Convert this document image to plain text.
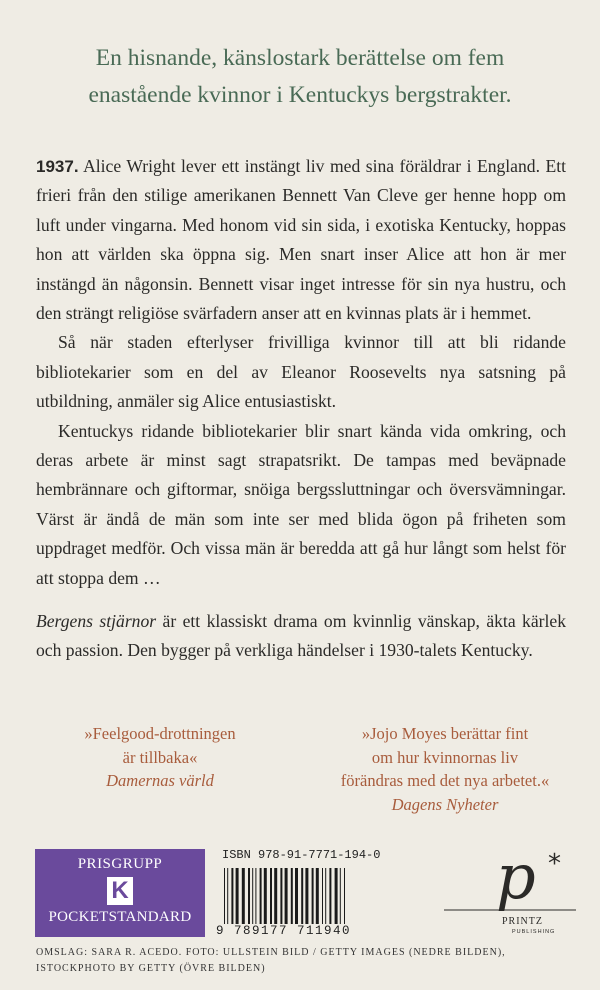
En hisnande, känslostark berättelse om fem
enastående kvinnor i Kentuckys bergstrakter.

1937. Alice Wright lever ett instängt liv med sina föräldrar i England. Ett frieri från den stilige amerikanen Bennett Van Cleve ger henne hopp om luft under vingarna. Med honom vid sin sida, i exotiska Kentucky, hoppas hon att världen ska öppna sig. Men snart inser Alice att hon är mer instängd än någonsin. Bennett visar inget intresse för sin nya hustru, och den strängt religiöse svärfadern anser att en kvinnas plats är i hemmet.

Så när staden efterlyser frivilliga kvinnor till att bli ridande bibliotekarier som en del av Eleanor Roosevelts nya satsning på utbildning, anmäler sig Alice entusiastiskt.

Kentuckys ridande bibliotekarier blir snart kända vida omkring, och deras arbete är minst sagt strapatsrikt. De tampas med beväpnade hembrännare och giftormar, snöiga bergssluttningar och översvämningar. Värst är ändå de män som inte ser med blida ögon på friheten som uppdraget medför. Och vissa män är beredda att gå hur långt som helst för att stoppa dem …

Bergens stjärnor är ett klassiskt drama om kvinnlig vänskap, äkta kärlek och passion. Den bygger på verkliga händelser i 1930-talets Kentucky.

»Feelgood-drottningen
är tillbaka«
Damernas värld
»Jojo Moyes berättar fint
om hur kvinnornas liv
förändras med det nya arbetet.«
Dagens Nyheter
PRISGRUPP
K
POCKETSTANDARD
ISBN 978-91-7771-194-0
9 789177 711940
p *
PRINTZ
PUBLISHING
OMSLAG: SARA R. ACEDO. FOTO: ULLSTEIN BILD / GETTY IMAGES (NEDRE BILDEN),
ISTOCKPHOTO BY GETTY (ÖVRE BILDEN)
